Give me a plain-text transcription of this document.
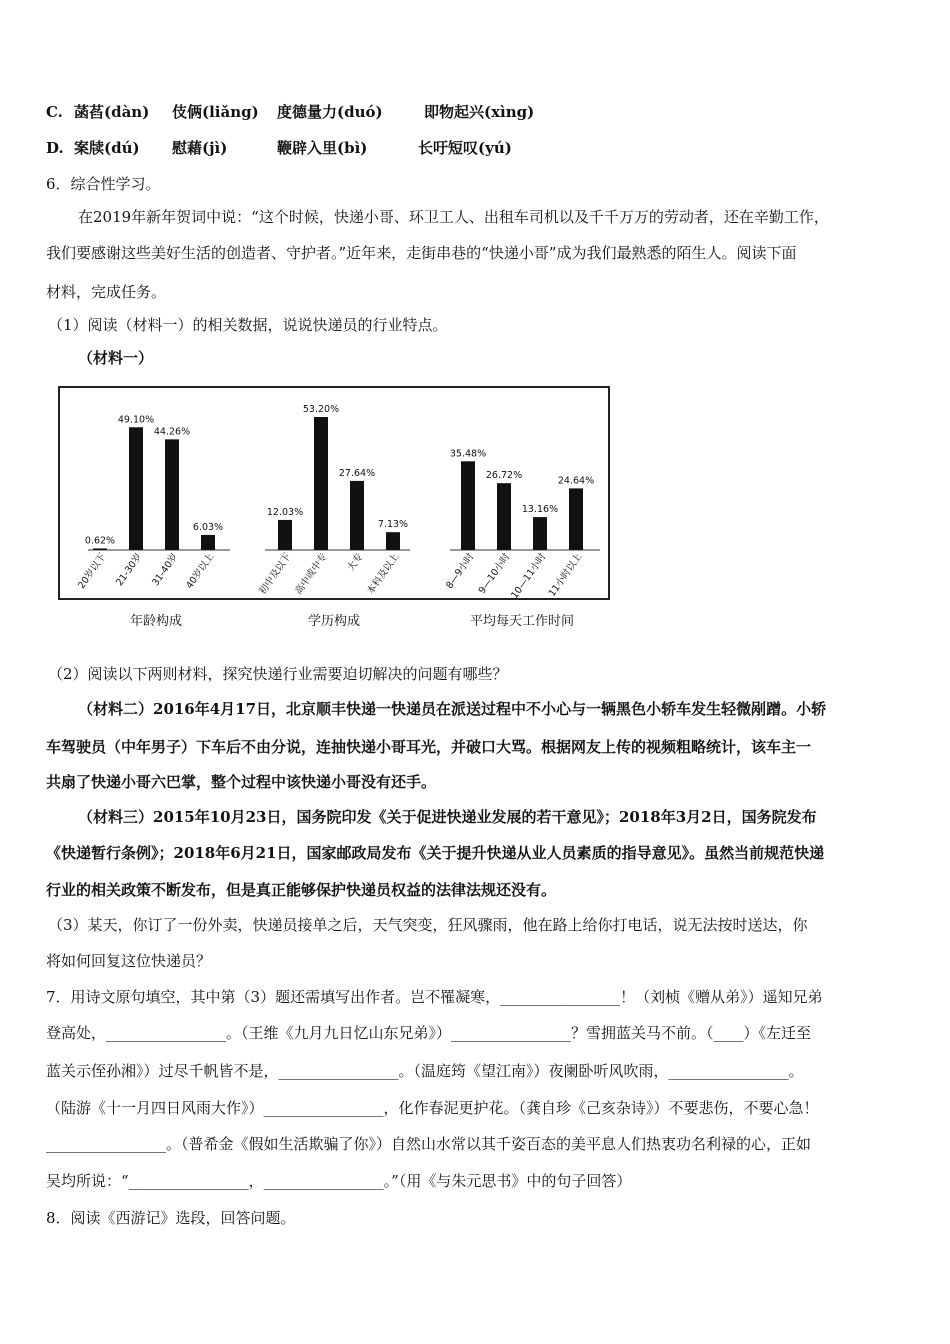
C. 菡萏(dàn) 伎俩(liǎng) 度德量力(duó)	即物起兴(xìng)
D. 案牍(dú) 慰藉(jì)	鞭辟入里(bì)	长吁短叹(yú)
6．综合性学习。
在2019年新年贺词中说：“这个时候，快递小哥、环卫工人、出租车司机以及千千万万的劳动者，还在辛勤工作，
我们要感谢这些美好生活的创造者、守护者。”近年来，走街串巷的“快递小哥”成为我们最熟悉的陌生人。阅读下面
材料，完成任务。
（1）阅读（材料一）的相关数据，说说快递员的行业特点。
（材料一）
0.62%
20岁以下
49.10%
21-30岁
44.26%
31-40岁
6.03%
40岁以上
12.03%
初中及以下
53.20%
高中或中专
27.64%
大专
7.13%
本科及以上
35.48%
8—9小时
26.72%
9—10小时
13.16%
10—11小时
24.64%
11小时以上
年龄构成	学历构成	平均每天工作时间
（2）阅读以下两则材料，探究快递行业需要迫切解决的问题有哪些？
（材料二）2016年4月17日，北京顺丰快递一快递员在派送过程中不小心与一辆黑色小轿车发生轻微剐蹭。小轿
车驾驶员（中年男子）下车后不由分说，连抽快递小哥耳光，并破口大骂。根据网友上传的视频粗略统计，该车主一
共扇了快递小哥六巴掌，整个过程中该快递小哥没有还手。
（材料三）2015年10月23日，国务院印发《关于促进快递业发展的若干意见》；2018年3月2日，国务院发布
《快递暂行条例》；2018年6月21日，国家邮政局发布《关于提升快递从业人员素质的指导意见》。虽然当前规范快递
行业的相关政策不断发布，但是真正能够保护快递员权益的法律法规还没有。
（3）某天，你订了一份外卖，快递员接单之后，天气突变，狂风骤雨，他在路上给你打电话，说无法按时送达，你
将如何回复这位快递员？
7．用诗文原句填空，其中第（3）题还需填写出作者。岂不罹凝寒，________________！（刘桢《赠从弟》）遥知兄弟
登高处，________________。（王维《九月九日忆山东兄弟》）________________？雪拥蓝关马不前。（____）《左迁至
蓝关示侄孙湘》）过尽千帆皆不是，________________。（温庭筠《望江南》）夜阑卧听风吹雨，________________。
（陆游《十一月四日风雨大作》）________________，化作春泥更护花。（龚自珍《己亥杂诗》）不要悲伤，不要心急！
________________。（普希金《假如生活欺骗了你》）自然山水常以其千姿百态的美平息人们热衷功名利禄的心，正如
吴均所说：“________________，________________。”（用《与朱元思书》中的句子回答）
8．阅读《西游记》选段，回答问题。
